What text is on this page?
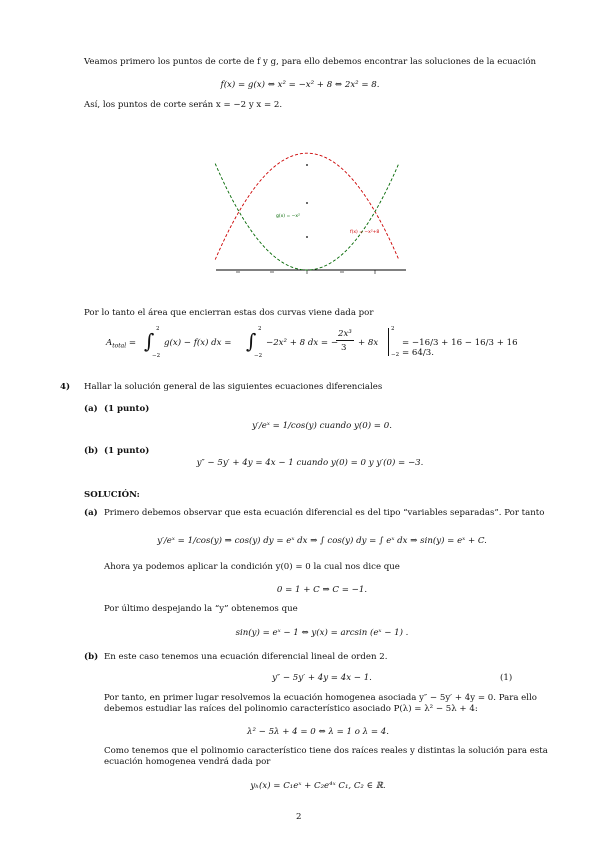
Veamos primero los puntos de corte de f y g, para ello debemos encontrar las soluciones de la ecuación
f(x) = g(x) ⇔ x² = −x² + 8 ⇔ 2x² = 8.
Así, los puntos de corte serán x = −2 y x = 2.
g(x) = −x²
f(x) = −x²+8
Por lo tanto el área que encierran estas dos curvas viene dada por
$A_{total}$ = ∫ 2
−2
g(x) − f(x) dx = ∫ 2
−2
−2x² + 8 dx = −
2x³
3 + 8x
2
−2
= −16/3 + 16 − 16/3 + 16 = 64/3.
4) Hallar la solución general de las siguientes ecuaciones diferenciales
(a) (1 punto)
y′/eˣ = 1/cos(y) cuando y(0) = 0.
(b) (1 punto)
y″ − 5y′ + 4y = 4x − 1 cuando y(0) = 0 y y′(0) = −3.
SOLUCIÓN:
(a) Primero debemos observar que esta ecuación diferencial es del tipo “variables separadas”. Por tanto
y′/eˣ = 1/cos(y) ⇒ cos(y) dy = eˣ dx ⇒ ∫ cos(y) dy = ∫ eˣ dx ⇒ sin(y) = eˣ + C.
Ahora ya podemos aplicar la condición y(0) = 0 la cual nos dice que
0 = 1 + C ⇒ C = −1.
Por último despejando la “y” obtenemos que
sin(y) = eˣ − 1 ⇔ y(x) = arcsin (eˣ − 1) .
(b) En este caso tenemos una ecuación diferencial lineal de orden 2.
y″ − 5y′ + 4y = 4x − 1.	(1)
Por tanto, en primer lugar resolvemos la ecuación homogenea asociada y″ − 5y′ + 4y = 0. Para ello
debemos estudiar las raíces del polinomio característico asociado P(λ) = λ² − 5λ + 4:
λ² − 5λ + 4 = 0 ⇔ λ = 1 o λ = 4.
Como tenemos que el polinomio característico tiene dos raíces reales y distintas la solución para esta
ecuación homogenea vendrá dada por
yₕ(x) = C₁eˣ + C₂e⁴ˣ C₁, C₂ ∈ ℝ.
2
